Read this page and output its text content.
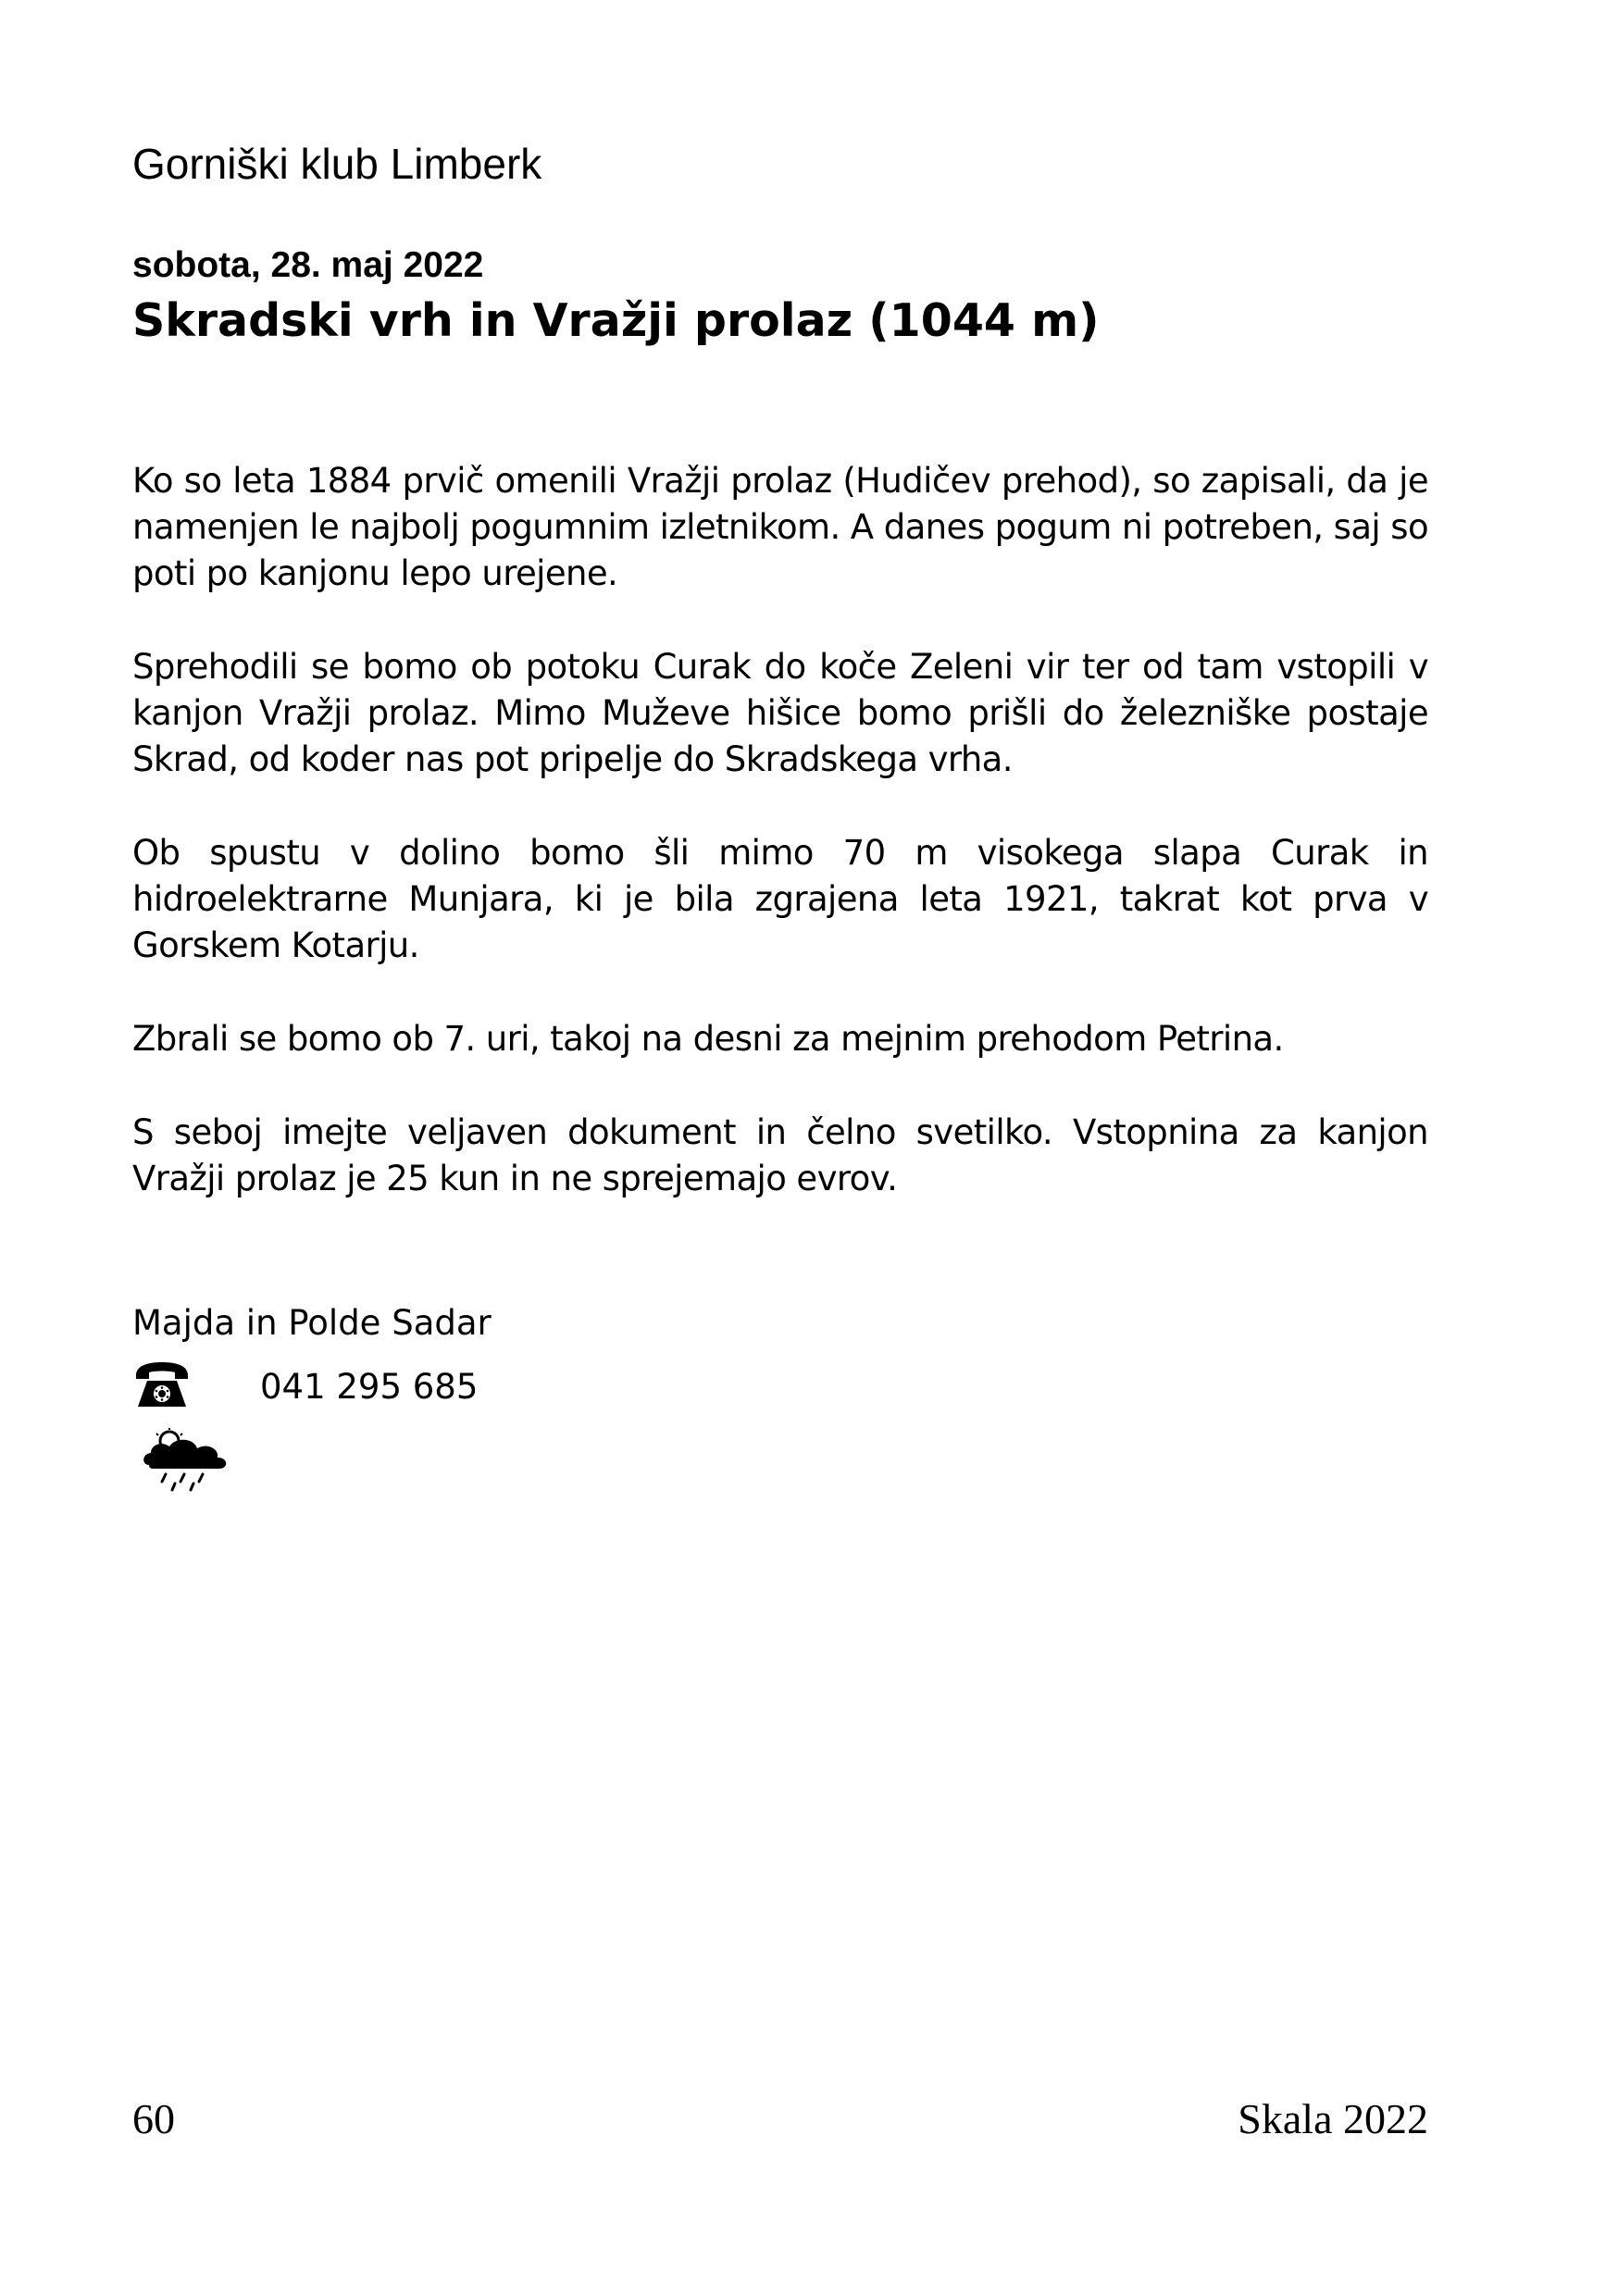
Gorniški klub Limberk
sobota, 28. maj 2022
Skradski vrh in Vražji prolaz (1044 m)

Ko so leta 1884 prvič omenili Vražji prolaz (Hudičev prehod), so zapisali, da je namenjen le najbolj pogumnim izletnikom. A danes pogum ni potreben, saj so poti po kanjonu lepo urejene.

Sprehodili se bomo ob potoku Curak do koče Zeleni vir ter od tam vstopili v kanjon Vražji prolaz. Mimo Muževe hišice bomo prišli do železniške postaje Skrad, od koder nas pot pripelje do Skradskega vrha.

Ob spustu v dolino bomo šli mimo 70 m visokega slapa Curak in hidroelektrarne Munjara, ki je bila zgrajena leta 1921, takrat kot prva v Gorskem Kotarju.

Zbrali se bomo ob 7. uri, takoj na desni za mejnim prehodom Petrina.

S seboj imejte veljaven dokument in čelno svetilko. Vstopnina za kanjon Vražji prolaz je 25 kun in ne sprejemajo evrov.

Majda in Polde Sadar
041 295 685
60	Skala 2022
